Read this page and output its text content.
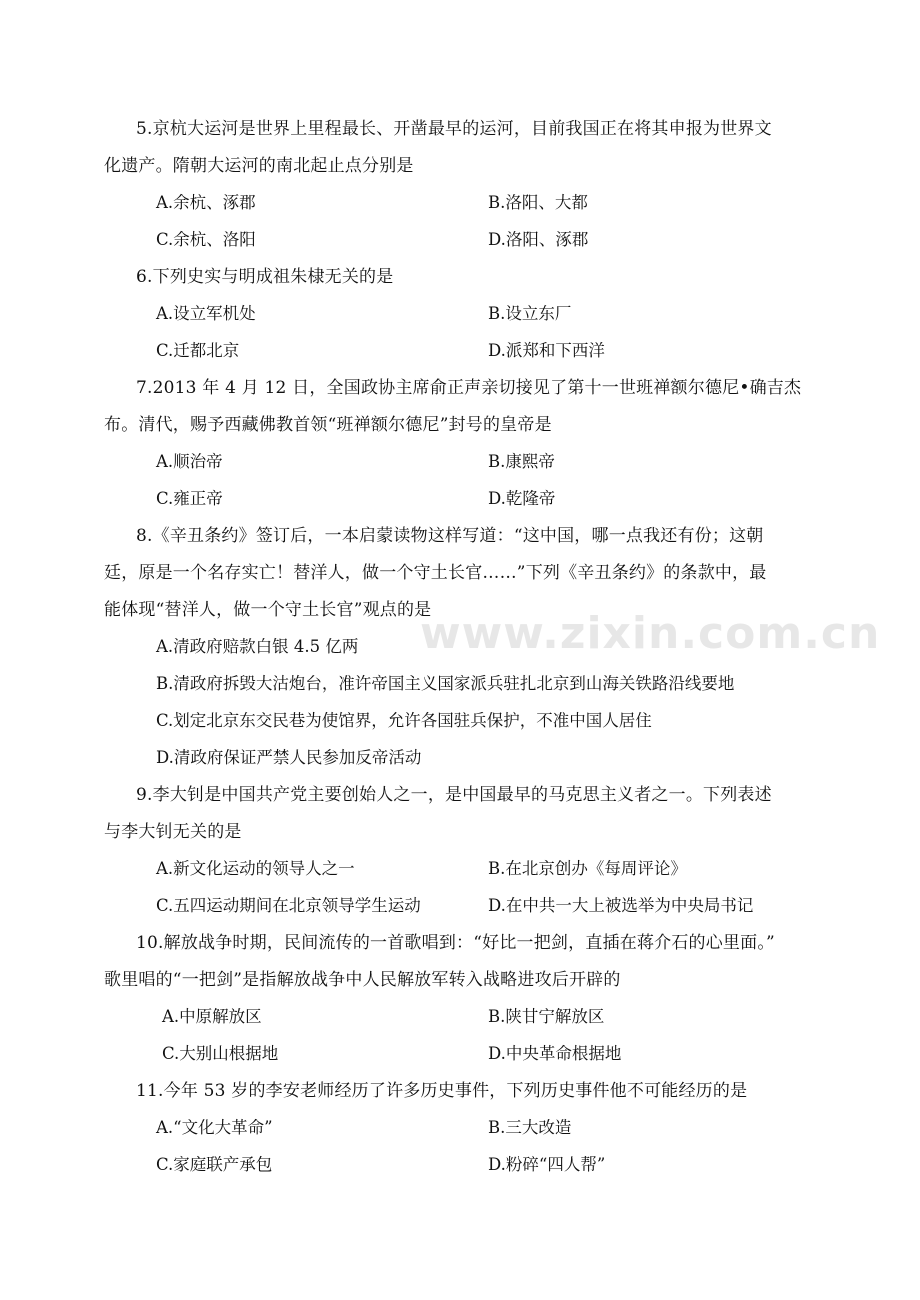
5.京杭大运河是世界上里程最长、开凿最早的运河，目前我国正在将其申报为世界文
化遗产。隋朝大运河的南北起止点分别是
A.余杭、涿郡	B.洛阳、大都
C.余杭、洛阳	D.洛阳、涿郡
6.下列史实与明成祖朱棣无关的是
A.设立军机处	B.设立东厂
C.迁都北京	D.派郑和下西洋
7.2013 年 4 月 12 日，全国政协主席俞正声亲切接见了第十一世班禅额尔德尼•确吉杰
布。清代，赐予西藏佛教首领“班禅额尔德尼”封号的皇帝是
A.顺治帝	B.康熙帝
C.雍正帝	D.乾隆帝
8.《辛丑条约》签订后，一本启蒙读物这样写道：“这中国，哪一点我还有份；这朝
廷，原是一个名存实亡！替洋人，做一个守土长官……”下列《辛丑条约》的条款中，最
能体现“替洋人，做一个守土长官”观点的是
A.清政府赔款白银 4.5 亿两
B.清政府拆毁大沽炮台，准许帝国主义国家派兵驻扎北京到山海关铁路沿线要地
C.划定北京东交民巷为使馆界，允许各国驻兵保护，不准中国人居住
D.清政府保证严禁人民参加反帝活动
9.李大钊是中国共产党主要创始人之一，是中国最早的马克思主义者之一。下列表述
与李大钊无关的是
A.新文化运动的领导人之一	B.在北京创办《每周评论》
C.五四运动期间在北京领导学生运动	D.在中共一大上被选举为中央局书记
10.解放战争时期，民间流传的一首歌唱到：“好比一把剑，直插在蒋介石的心里面。”
歌里唱的“一把剑”是指解放战争中人民解放军转入战略进攻后开辟的
A.中原解放区	B.陕甘宁解放区
C.大别山根据地	D.中央革命根据地
11.今年 53 岁的李安老师经历了许多历史事件，下列历史事件他不可能经历的是
A.“文化大革命”	B.三大改造
C.家庭联产承包	D.粉碎“四人帮”
www.zixin.com.cn
